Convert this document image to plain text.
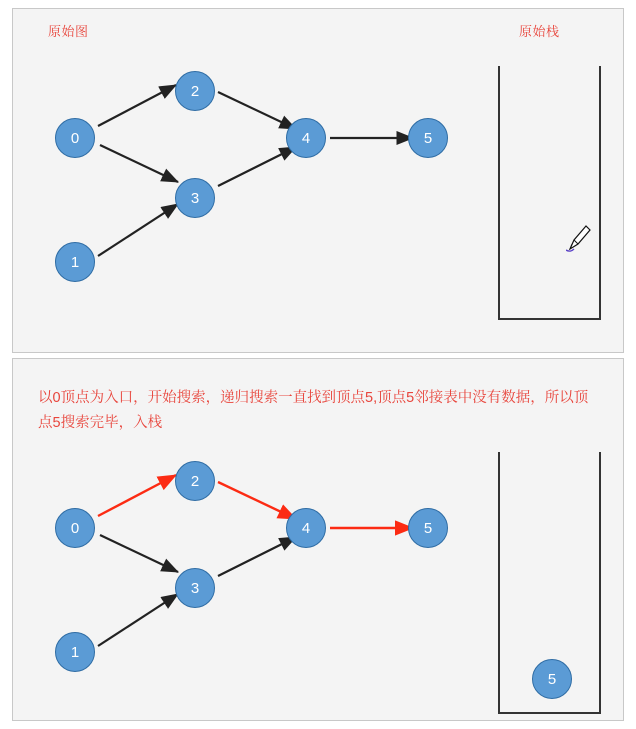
原始图	原始栈
以0顶点为入口，开始搜索，递归搜索一直找到顶点5,顶点5邻接表中没有数据，所以顶点5搜索完毕，入栈
0
2
3
1
4	5
0
2
3
1
4	5
5
